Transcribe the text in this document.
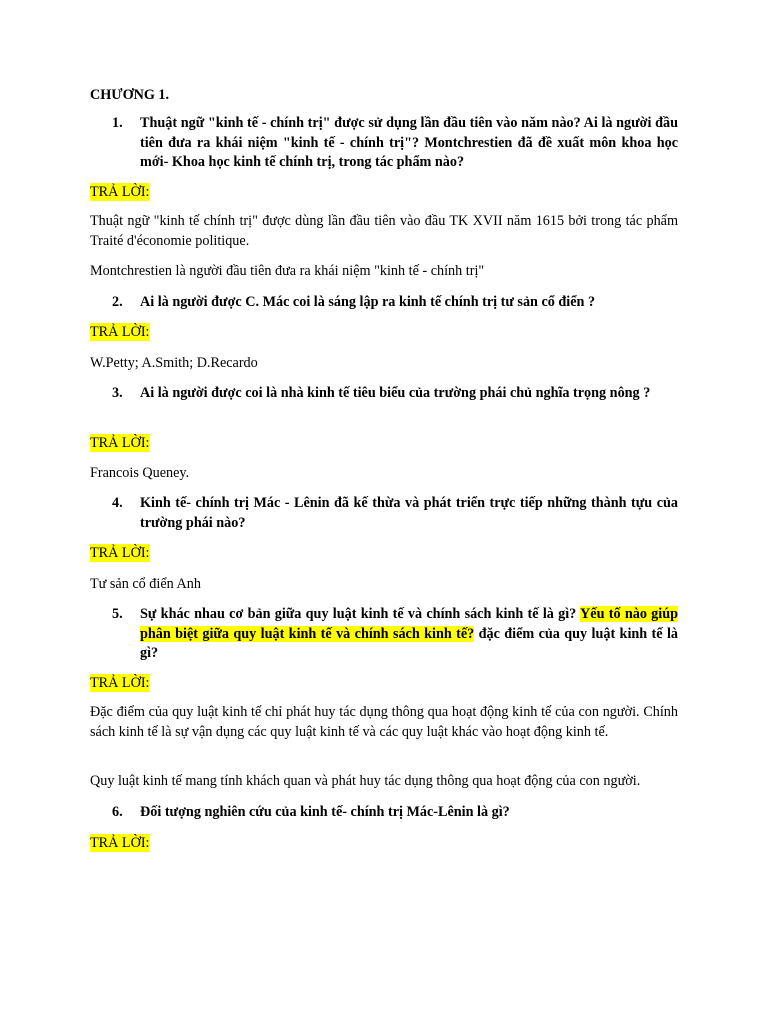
CHƯƠNG 1.
1. Thuật ngữ "kinh tế - chính trị" được sử dụng lần đầu tiên vào năm nào? Ai là người đầu tiên đưa ra khái niệm "kinh tế - chính trị"? Montchrestien đã đề xuất môn khoa học mới- Khoa học kinh tế chính trị, trong tác phẩm nào?
TRẢ LỜI:
Thuật ngữ "kinh tế chính trị" được dùng lần đầu tiên vào đầu TK XVII năm 1615 bởi trong tác phẩm Traité d'économie politique.
Montchrestien là người đầu tiên đưa ra khái niệm "kinh tế - chính trị"
2. Ai là người được C. Mác coi là sáng lập ra kinh tế chính trị tư sản cổ điển ?
TRẢ LỜI:
W.Petty; A.Smith; D.Recardo
3. Ai là người được coi là nhà kinh tế tiêu biểu của trường phái chủ nghĩa trọng nông ?
TRẢ LỜI:
Francois Queney.
4. Kinh tế- chính trị Mác - Lênin đã kế thừa và phát triển trực tiếp những thành tựu của trường phái nào?
TRẢ LỜI:
Tư sản cổ điển Anh
5. Sự khác nhau cơ bản giữa quy luật kinh tế và chính sách kinh tế là gì? Yếu tố nào giúp phân biệt giữa quy luật kinh tế và chính sách kinh tế? đặc điểm của quy luật kinh tế là gì?
TRẢ LỜI:
Đặc điểm của quy luật kinh tế chỉ phát huy tác dụng thông qua hoạt động kinh tế của con người. Chính sách kinh tế là sự vận dụng các quy luật kinh tế và các quy luật khác vào hoạt động kinh tế.
Quy luật kinh tế mang tính khách quan và phát huy tác dụng thông qua hoạt động của con người.
6. Đối tượng nghiên cứu của kinh tế- chính trị Mác-Lênin là gì?
TRẢ LỜI:
